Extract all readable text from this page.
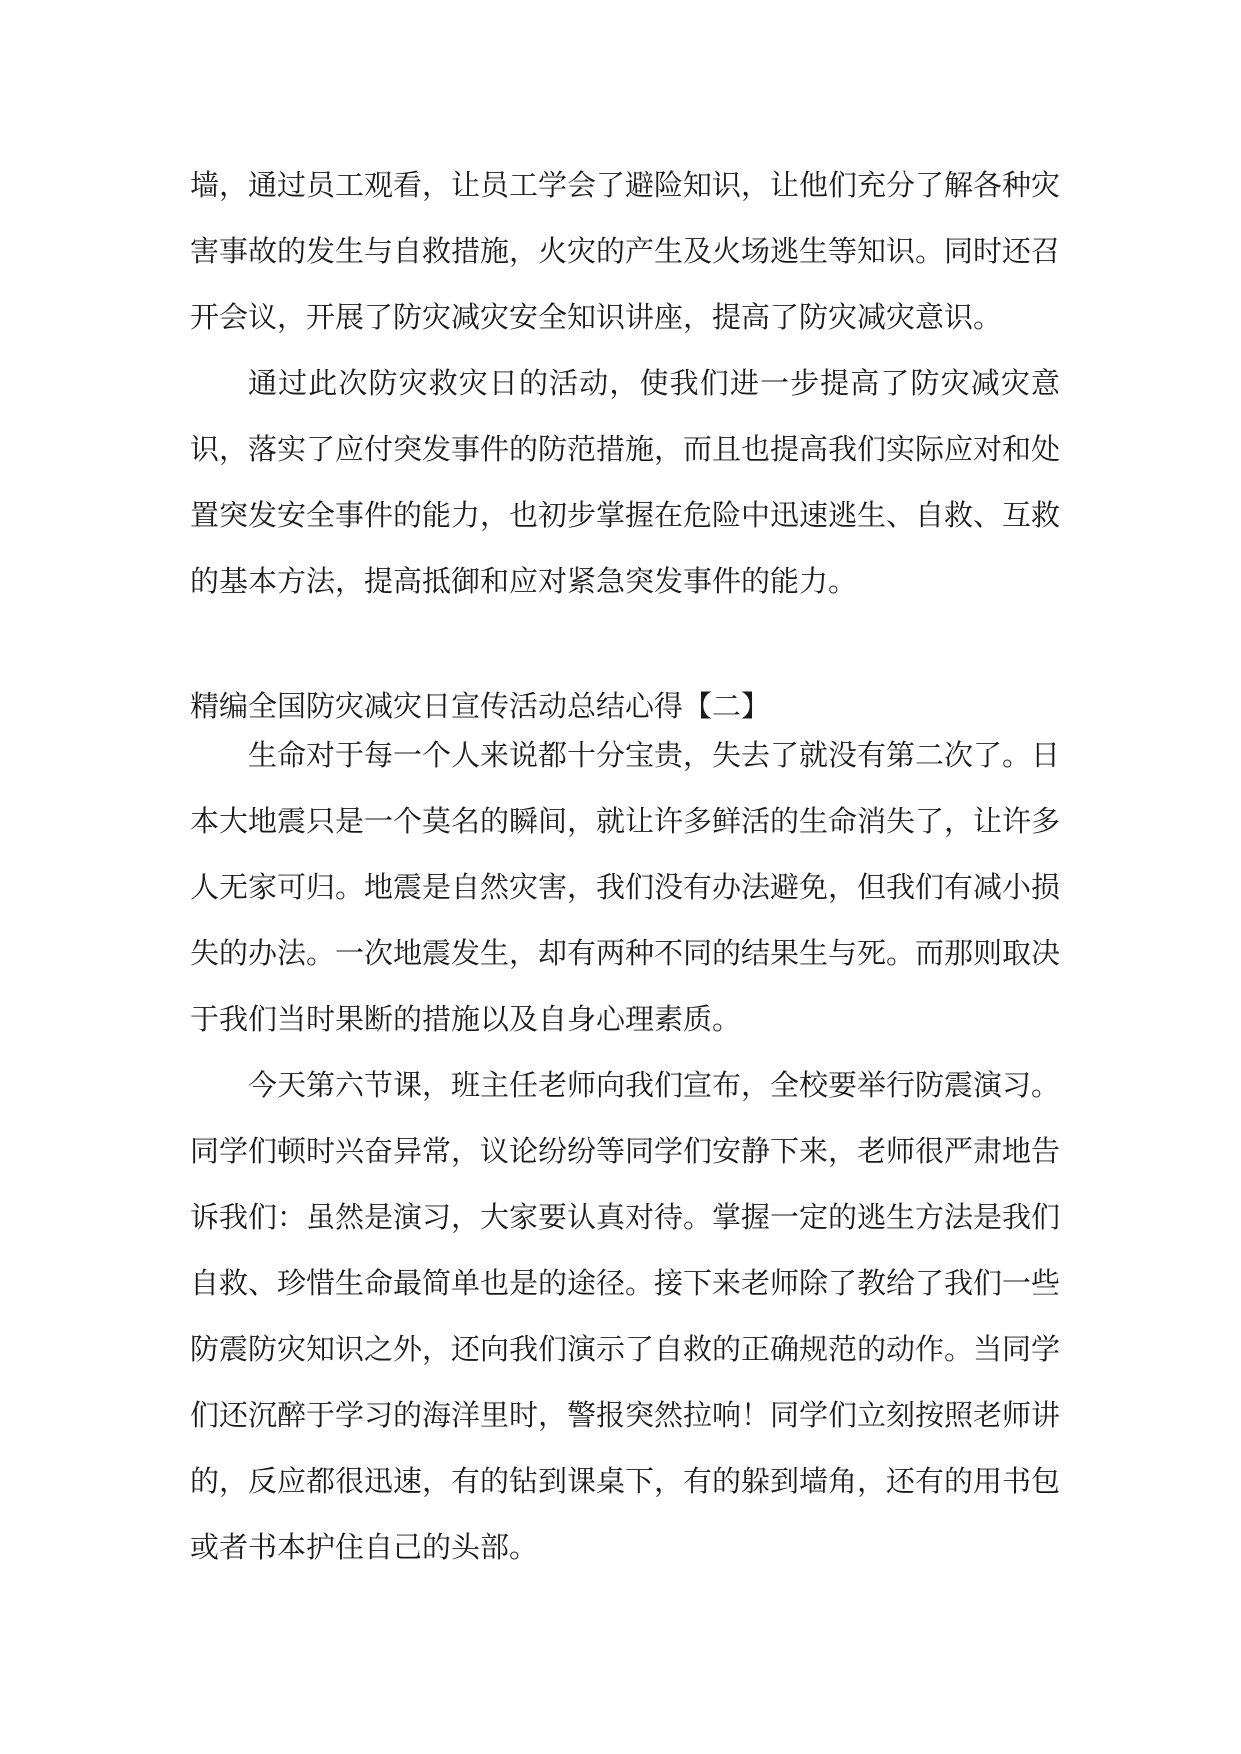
墙，通过员工观看，让员工学会了避险知识，让他们充分了解各种灾害事故的发生与自救措施，火灾的产生及火场逃生等知识。同时还召开会议，开展了防灾减灾安全知识讲座，提高了防灾减灾意识。

通过此次防灾救灾日的活动，使我们进一步提高了防灾减灾意识，落实了应付突发事件的防范措施，而且也提高我们实际应对和处置突发安全事件的能力，也初步掌握在危险中迅速逃生、自救、互救的基本方法，提高抵御和应对紧急突发事件的能力。

精编全国防灾减灾日宣传活动总结心得【二】

生命对于每一个人来说都十分宝贵，失去了就没有第二次了。日本大地震只是一个莫名的瞬间，就让许多鲜活的生命消失了，让许多人无家可归。地震是自然灾害，我们没有办法避免，但我们有减小损失的办法。一次地震发生，却有两种不同的结果生与死。而那则取决于我们当时果断的措施以及自身心理素质。

今天第六节课，班主任老师向我们宣布，全校要举行防震演习。同学们顿时兴奋异常，议论纷纷等同学们安静下来，老师很严肃地告诉我们：虽然是演习，大家要认真对待。掌握一定的逃生方法是我们自救、珍惜生命最简单也是的途径。接下来老师除了教给了我们一些防震防灾知识之外，还向我们演示了自救的正确规范的动作。当同学们还沉醉于学习的海洋里时，警报突然拉响！同学们立刻按照老师讲的，反应都很迅速，有的钻到课桌下，有的躲到墙角，还有的用书包或者书本护住自己的头部。
